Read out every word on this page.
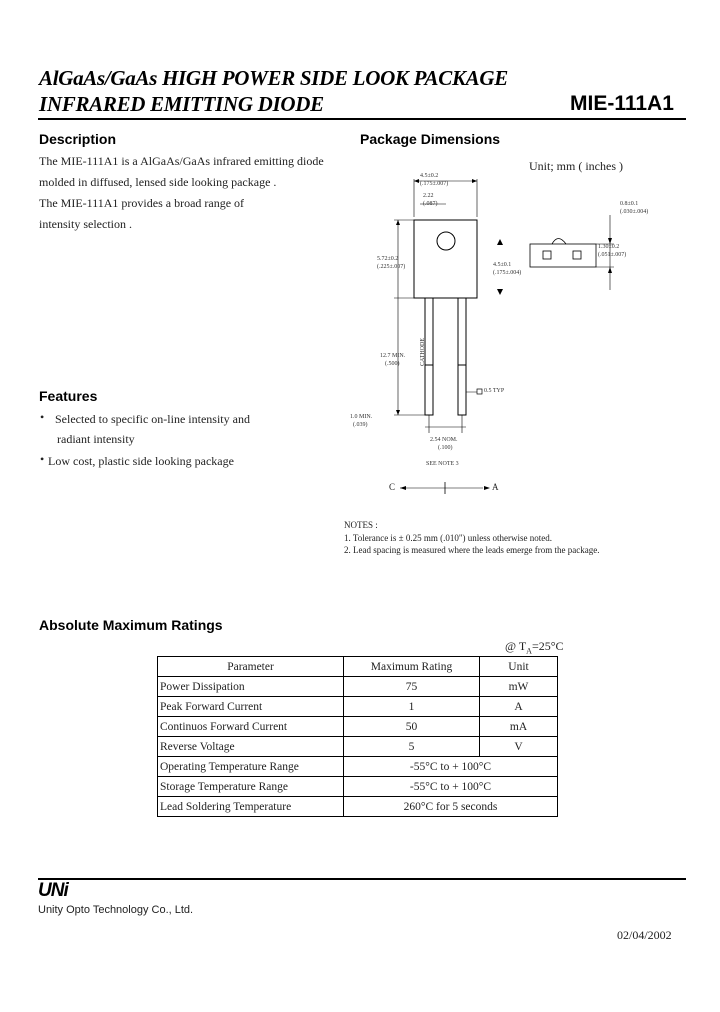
AlGaAs/GaAs HIGH POWER SIDE LOOK PACKAGE
INFRARED EMITTING DIODE	MIE-111A1
Description
The MIE-111A1 is a AlGaAs/GaAs infrared emitting diode
molded in diffused, lensed side looking package .
The MIE-111A1 provides a broad range of
intensity selection .
Features
• Selected to specific on-line intensity and
radiant intensity
• Low cost, plastic side looking package
Package Dimensions
Unit; mm ( inches )
4.5±0.2
(.175±.007)
2.22
(.087)
5.72±0.2
(.225±.007)	4.5±0.1
(.175±.004)
12.7 MIN.
(.500)	CATHODE
0.5 TYP
1.0 MIN.
(.039)
2.54 NOM.
(.100)
SEE NOTE 3
0.8±0.1
(.030±.004)
1.30±0.2
(.051±.007)
C	A
NOTES :
1. Tolerance is ± 0.25 mm (.010") unless otherwise noted.
2. Lead spacing is measured where the leads emerge from the package.
Absolute Maximum Ratings
@ $T_A=25^\circ C$
Parameter	Maximum Rating	Unit
Power Dissipation	75	mW
Peak Forward Current	1	A
Continuos Forward Current	50	mA
Reverse Voltage	5	V
Operating Temperature Range	-55°C to + 100°C	
Storage Temperature Range	-55°C to + 100°C	
Lead Soldering Temperature	260°C for 5 seconds	
UNi
Unity Opto Technology Co., Ltd.
02/04/2002
